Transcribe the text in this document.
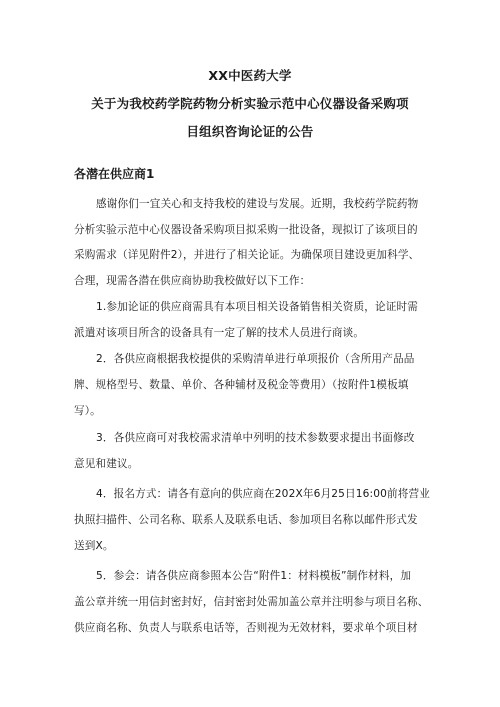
XX中医药大学
关于为我校药学院药物分析实验示范中心仪器设备采购项
目组织咨询论证的公告
各潜在供应商1
感谢你们一宜关心和支持我校的建设与发展。近期，我校药学院药物
分析实验示范中心仪器设备采购项目拟采购一批设备，现拟订了该项目的
采购需求（详见附件2），并进行了相关论证。为确保项目建设更加科学、
合理，现需各潜在供应商协助我校做好以下工作：
1.参加论证的供应商需具有本项目相关设备销售相关资质，论证时需
派遣对该项目所含的设备具有一定了解的技术人员进行商谈。
2．各供应商根据我校提供的采购清单进行单项报价（含所用产品品
牌、规格型号、数量、单价、各种辅材及税金等费用）（按附件1模板填
写）。
3．各供应商可对我校需求清单中列明的技术参数要求提出书面修改
意见和建议。
4．报名方式：请各有意向的供应商在202X年6月25日16:00前将营业
执照扫描件、公司名称、联系人及联系电话、参加项目名称以邮件形式发
送到X。
5．参会：请各供应商参照本公告“附件1：材料模板”制作材料，加
盖公章并统一用信封密封好，信封密封处需加盖公章并注明参与项目名称、
供应商名称、负责人与联系电话等，否则视为无效材料，要求单个项目材
